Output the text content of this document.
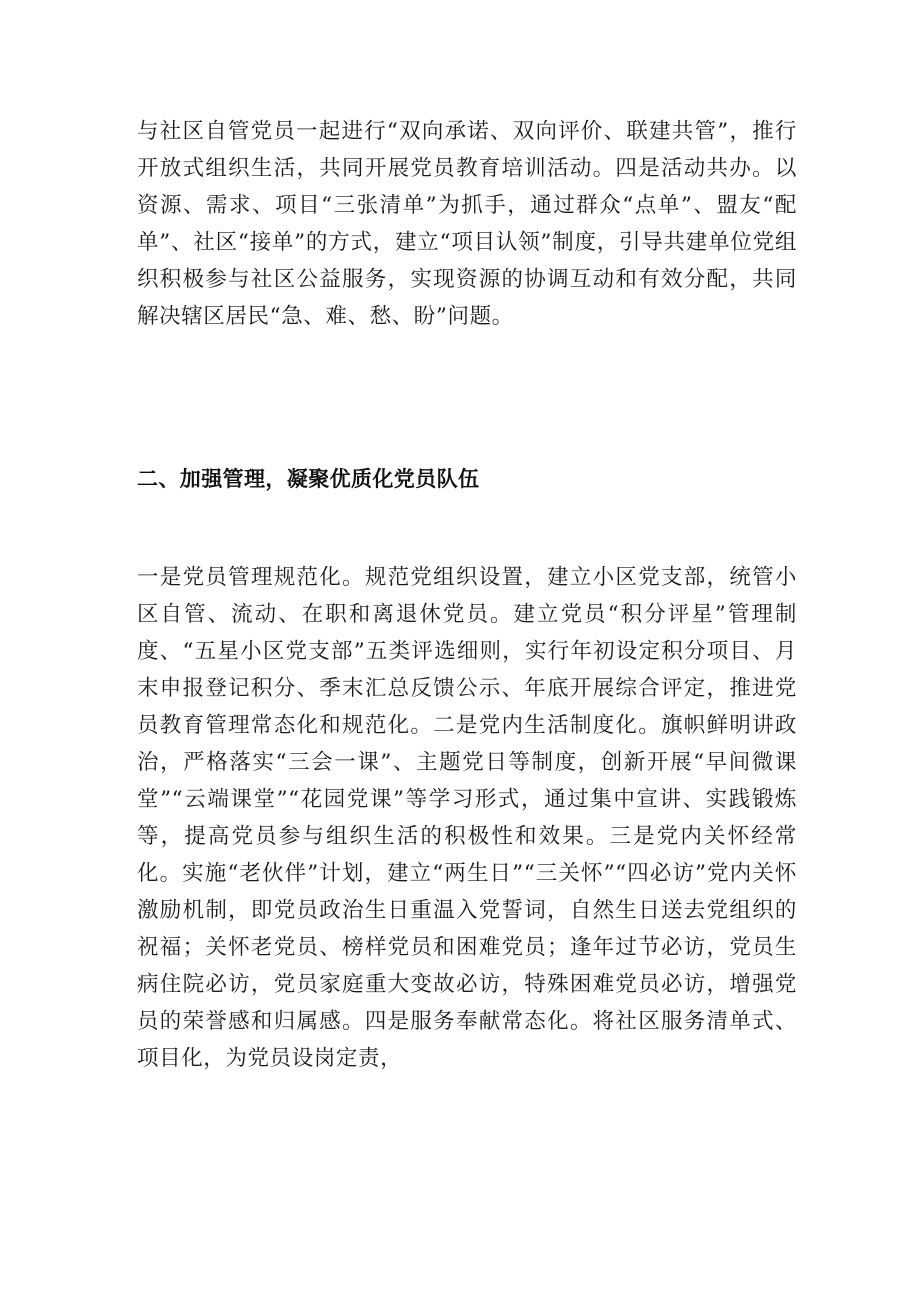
与社区自管党员一起进行“双向承诺、双向评价、联建共管”，推行开放式组织生活，共同开展党员教育培训活动。四是活动共办。以资源、需求、项目“三张清单”为抓手，通过群众“点单”、盟友“配单”、社区“接单”的方式，建立“项目认领”制度，引导共建单位党组织积极参与社区公益服务，实现资源的协调互动和有效分配，共同解决辖区居民“急、难、愁、盼”问题。

二、加强管理，凝聚优质化党员队伍

一是党员管理规范化。规范党组织设置，建立小区党支部，统管小区自管、流动、在职和离退休党员。建立党员“积分评星”管理制度、“五星小区党支部”五类评选细则，实行年初设定积分项目、月末申报登记积分、季末汇总反馈公示、年底开展综合评定，推进党员教育管理常态化和规范化。二是党内生活制度化。旗帜鲜明讲政治，严格落实“三会一课”、主题党日等制度，创新开展“早间微课堂”“云端课堂”“花园党课”等学习形式，通过集中宣讲、实践锻炼等，提高党员参与组织生活的积极性和效果。三是党内关怀经常化。实施“老伙伴”计划，建立“两生日”“三关怀”“四必访”党内关怀激励机制，即党员政治生日重温入党誓词，自然生日送去党组织的祝福；关怀老党员、榜样党员和困难党员；逢年过节必访，党员生病住院必访，党员家庭重大变故必访，特殊困难党员必访，增强党员的荣誉感和归属感。四是服务奉献常态化。将社区服务清单式、项目化，为党员设岗定责，
